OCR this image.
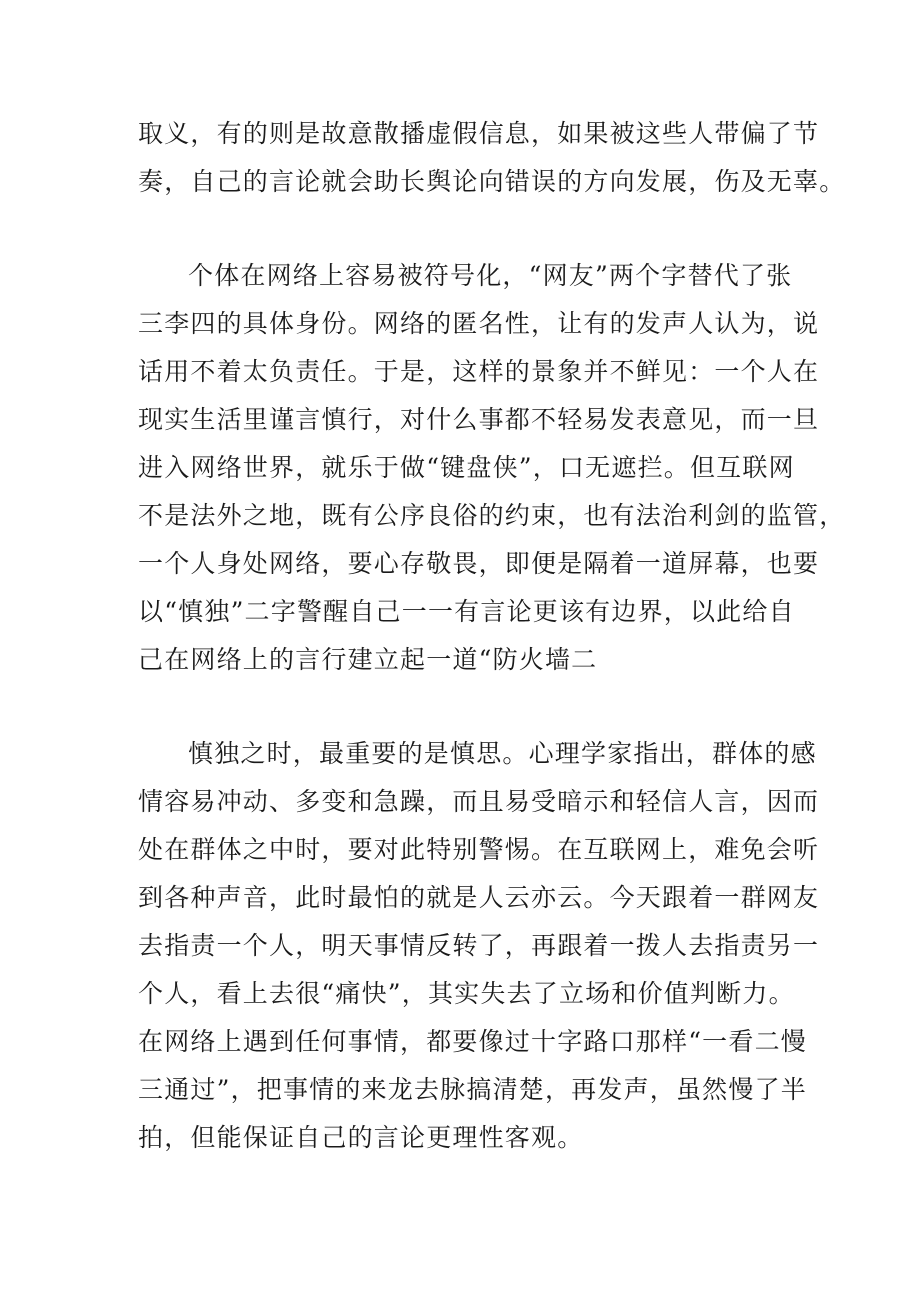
取义，有的则是故意散播虚假信息，如果被这些人带偏了节
奏，自己的言论就会助长舆论向错误的方向发展，伤及无辜。
个体在网络上容易被符号化，“网友”两个字替代了张
三李四的具体身份。网络的匿名性，让有的发声人认为，说
话用不着太负责任。于是，这样的景象并不鲜见：一个人在
现实生活里谨言慎行，对什么事都不轻易发表意见，而一旦
进入网络世界，就乐于做“键盘侠”，口无遮拦。但互联网
不是法外之地，既有公序良俗的约束，也有法治利剑的监管，
一个人身处网络，要心存敬畏，即便是隔着一道屏幕，也要
以“慎独”二字警醒自己一一有言论更该有边界，以此给自
己在网络上的言行建立起一道“防火墙二
慎独之时，最重要的是慎思。心理学家指出，群体的感
情容易冲动、多变和急躁，而且易受暗示和轻信人言，因而
处在群体之中时，要对此特别警惕。在互联网上，难免会听
到各种声音，此时最怕的就是人云亦云。今天跟着一群网友
去指责一个人，明天事情反转了，再跟着一拨人去指责另一
个人，看上去很“痛快”，其实失去了立场和价值判断力。
在网络上遇到任何事情，都要像过十字路口那样“一看二慢
三通过”，把事情的来龙去脉搞清楚，再发声，虽然慢了半
拍，但能保证自己的言论更理性客观。
